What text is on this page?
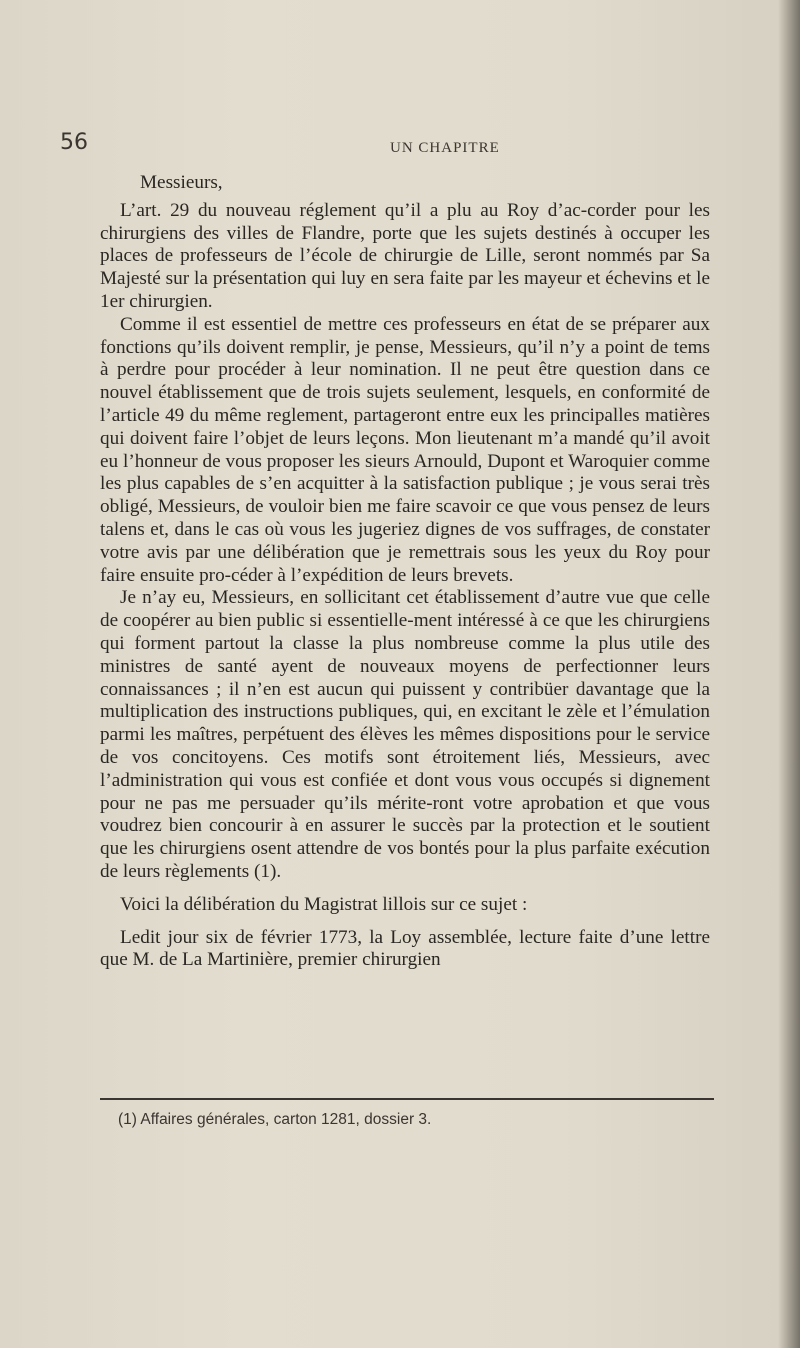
56	UN CHAPITRE

Messieurs,

L’art. 29 du nouveau réglement qu’il a plu au Roy d’ac-corder pour les chirurgiens des villes de Flandre, porte que les sujets destinés à occuper les places de professeurs de l’école de chirurgie de Lille, seront nommés par Sa Majesté sur la présentation qui luy en sera faite par les mayeur et échevins et le 1er chirurgien.

Comme il est essentiel de mettre ces professeurs en état de se préparer aux fonctions qu’ils doivent remplir, je pense, Messieurs, qu’il n’y a point de tems à perdre pour procéder à leur nomination. Il ne peut être question dans ce nouvel établissement que de trois sujets seulement, lesquels, en conformité de l’article 49 du même reglement, partageront entre eux les principalles matières qui doivent faire l’objet de leurs leçons. Mon lieutenant m’a mandé qu’il avoit eu l’honneur de vous proposer les sieurs Arnould, Dupont et Waroquier comme les plus capables de s’en acquitter à la satisfaction publique ; je vous serai très obligé, Messieurs, de vouloir bien me faire scavoir ce que vous pensez de leurs talens et, dans le cas où vous les jugeriez dignes de vos suffrages, de constater votre avis par une délibération que je remettrais sous les yeux du Roy pour faire ensuite pro-céder à l’expédition de leurs brevets.

Je n’ay eu, Messieurs, en sollicitant cet établissement d’autre vue que celle de coopérer au bien public si essentielle-ment intéressé à ce que les chirurgiens qui forment partout la classe la plus nombreuse comme la plus utile des ministres de santé ayent de nouveaux moyens de perfectionner leurs connaissances ; il n’en est aucun qui puissent y contribüer davantage que la multiplication des instructions publiques, qui, en excitant le zèle et l’émulation parmi les maîtres, perpétuent des élèves les mêmes dispositions pour le service de vos concitoyens. Ces motifs sont étroitement liés, Messieurs, avec l’administration qui vous est confiée et dont vous vous occupés si dignement pour ne pas me persuader qu’ils mérite-ront votre aprobation et que vous voudrez bien concourir à en assurer le succès par la protection et le soutient que les chirurgiens osent attendre de vos bontés pour la plus parfaite exécution de leurs règlements (1).

Voici la délibération du Magistrat lillois sur ce sujet :

Ledit jour six de février 1773, la Loy assemblée, lecture faite d’une lettre que M. de La Martinière, premier chirurgien

(1) Affaires générales, carton 1281, dossier 3.
